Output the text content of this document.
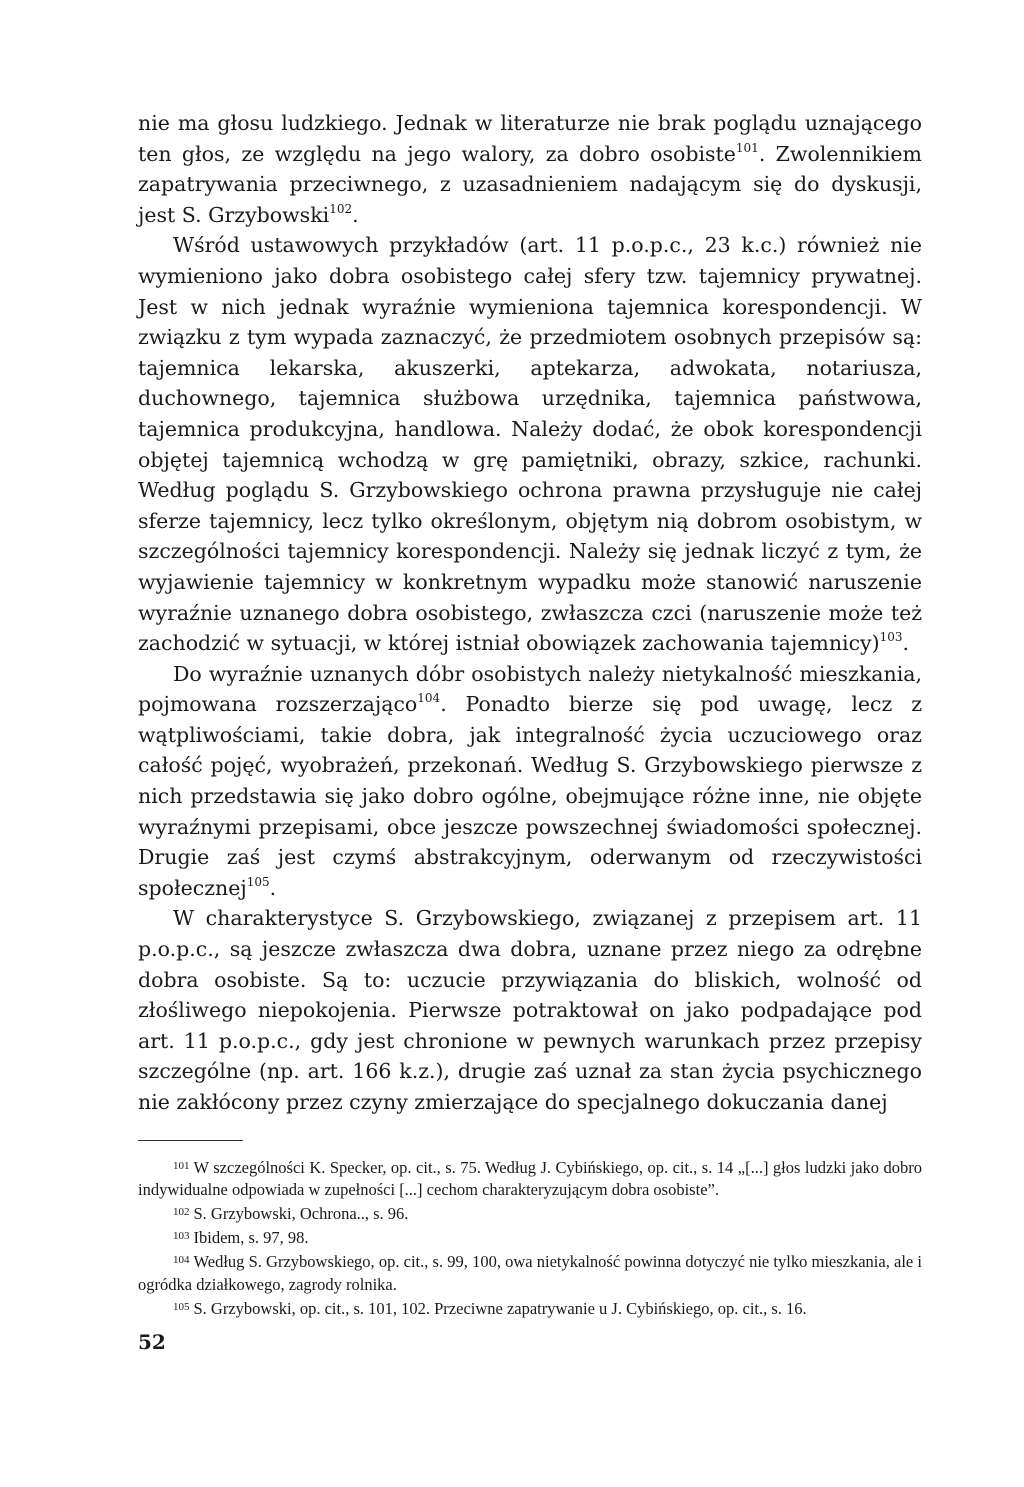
nie ma głosu ludzkiego. Jednak w literaturze nie brak poglądu uznającego ten głos, ze względu na jego walory, za dobro osobiste$^{101}$. Zwolennikiem zapatrywania przeciwnego, z uzasadnieniem nadającym się do dyskusji, jest S. Grzybowski$^{102}$.

Wśród ustawowych przykładów (art. 11 p.o.p.c., 23 k.c.) również nie wymieniono jako dobra osobistego całej sfery tzw. tajemnicy prywatnej. Jest w nich jednak wyraźnie wymieniona tajemnica korespondencji. W związku z tym wypada zaznaczyć, że przedmiotem osobnych przepisów są: tajemnica lekarska, akuszerki, aptekarza, adwokata, notariusza, duchownego, tajemnica służbowa urzędnika, tajemnica państwowa, tajemnica produkcyjna, handlowa. Należy dodać, że obok korespondencji objętej tajemnicą wchodzą w grę pamiętniki, obrazy, szkice, rachunki. Według poglądu S. Grzybowskiego ochrona prawna przysługuje nie całej sferze tajemnicy, lecz tylko określonym, objętym nią dobrom osobistym, w szczególności tajemnicy korespondencji. Należy się jednak liczyć z tym, że wyjawienie tajemnicy w konkretnym wypadku może stanowić naruszenie wyraźnie uznanego dobra osobistego, zwłaszcza czci (naruszenie może też zachodzić w sytuacji, w której istniał obowiązek zachowania tajemnicy)$^{103}$.

Do wyraźnie uznanych dóbr osobistych należy nietykalność mieszkania, pojmowana rozszerzająco$^{104}$. Ponadto bierze się pod uwagę, lecz z wątpliwościami, takie dobra, jak integralność życia uczuciowego oraz całość pojęć, wyobrażeń, przekonań. Według S. Grzybowskiego pierwsze z nich przedstawia się jako dobro ogólne, obejmujące różne inne, nie objęte wyraźnymi przepisami, obce jeszcze powszechnej świadomości społecznej. Drugie zaś jest czymś abstrakcyjnym, oderwanym od rzeczywistości społecznej$^{105}$.

W charakterystyce S. Grzybowskiego, związanej z przepisem art. 11 p.o.p.c., są jeszcze zwłaszcza dwa dobra, uznane przez niego za odrębne dobra osobiste. Są to: uczucie przywiązania do bliskich, wolność od złośliwego niepokojenia. Pierwsze potraktował on jako podpadające pod art. 11 p.o.p.c., gdy jest chronione w pewnych warunkach przez przepisy szczególne (np. art. 166 k.z.), drugie zaś uznał za stan życia psychicznego nie zakłócony przez czyny zmierzające do specjalnego dokuczania danej

$^{101}$ W szczególności K. Specker, op. cit., s. 75. Według J. Cybińskiego, op. cit., s. 14 „[...] głos ludzki jako dobro indywidualne odpowiada w zupełności [...] cechom charakteryzującym dobra osobiste”.

$^{102}$ S. Grzybowski, Ochrona.., s. 96.

$^{103}$ Ibidem, s. 97, 98.

$^{104}$ Według S. Grzybowskiego, op. cit., s. 99, 100, owa nietykalność powinna dotyczyć nie tylko mieszkania, ale i ogródka działkowego, zagrody rolnika.

$^{105}$ S. Grzybowski, op. cit., s. 101, 102. Przeciwne zapatrywanie u J. Cybińskiego, op. cit., s. 16.

52
